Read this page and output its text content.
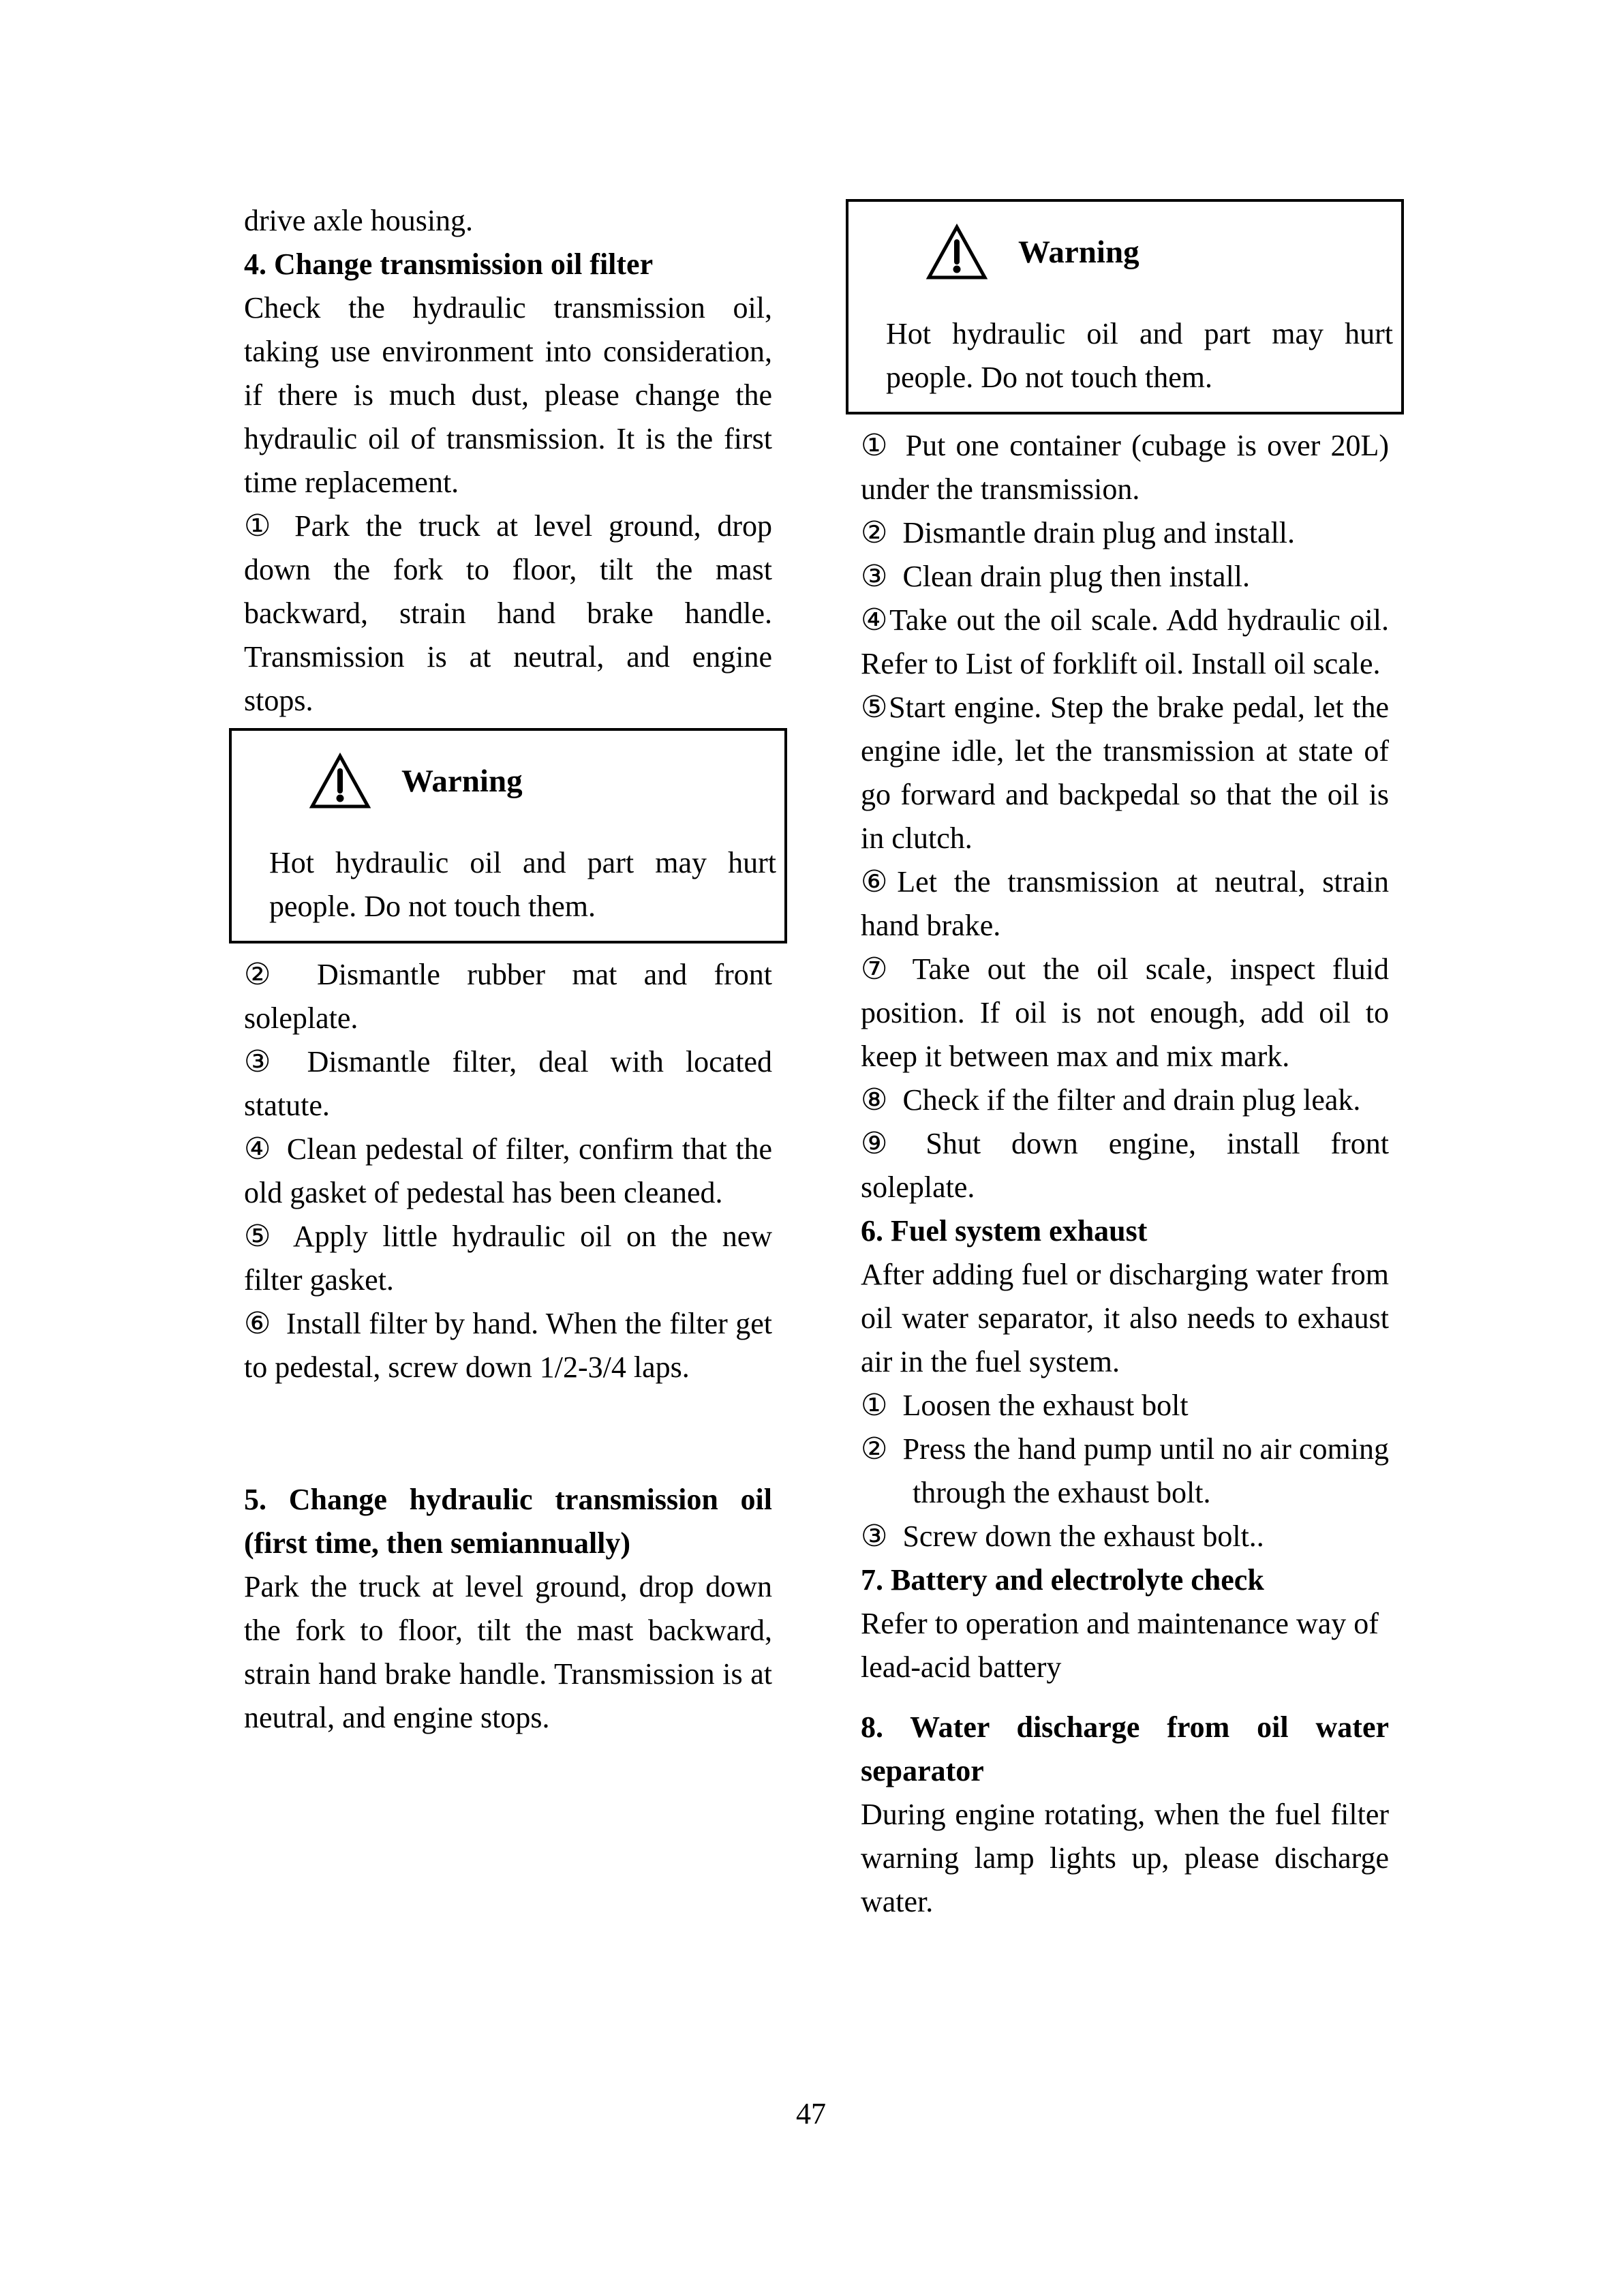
drive axle housing.

4. Change transmission oil filter

Check the hydraulic transmission oil, taking use environment into consideration, if there is much dust, please change the hydraulic oil of transmission. It is the first time replacement.

① Park the truck at level ground, drop down the fork to floor, tilt the mast backward, strain hand brake handle. Transmission is at neutral, and engine stops.

Warning

Hot hydraulic oil and part may hurt people. Do not touch them.

② Dismantle rubber mat and front soleplate.

③ Dismantle filter, deal with located statute.

④ Clean pedestal of filter, confirm that the old gasket of pedestal has been cleaned.

⑤ Apply little hydraulic oil on the new filter gasket.

⑥ Install filter by hand. When the filter get to pedestal, screw down 1/2-3/4 laps.

5. Change hydraulic transmission oil (first time, then semiannually)

Park the truck at level ground, drop down the fork to floor, tilt the mast backward, strain hand brake handle. Transmission is at neutral, and engine stops.

Warning

Hot hydraulic oil and part may hurt people. Do not touch them.

① Put one container (cubage is over 20L) under the transmission.

② Dismantle drain plug and install.

③ Clean drain plug then install.

④Take out the oil scale. Add hydraulic oil. Refer to List of forklift oil. Install oil scale.

⑤Start engine. Step the brake pedal, let the engine idle, let the transmission at state of go forward and backpedal so that the oil is in clutch.

⑥Let the transmission at neutral, strain hand brake.

⑦ Take out the oil scale, inspect fluid position. If oil is not enough, add oil to keep it between max and mix mark.

⑧ Check if the filter and drain plug leak.

⑨ Shut down engine, install front soleplate.

6. Fuel system exhaust

After adding fuel or discharging water from oil water separator, it also needs to exhaust air in the fuel system.

① Loosen the exhaust bolt

② Press the hand pump until no air coming through the exhaust bolt.

③ Screw down the exhaust bolt..

7. Battery and electrolyte check

Refer to operation and maintenance way of lead-acid battery

8. Water discharge from oil water separator

During engine rotating, when the fuel filter warning lamp lights up, please discharge water.

47
